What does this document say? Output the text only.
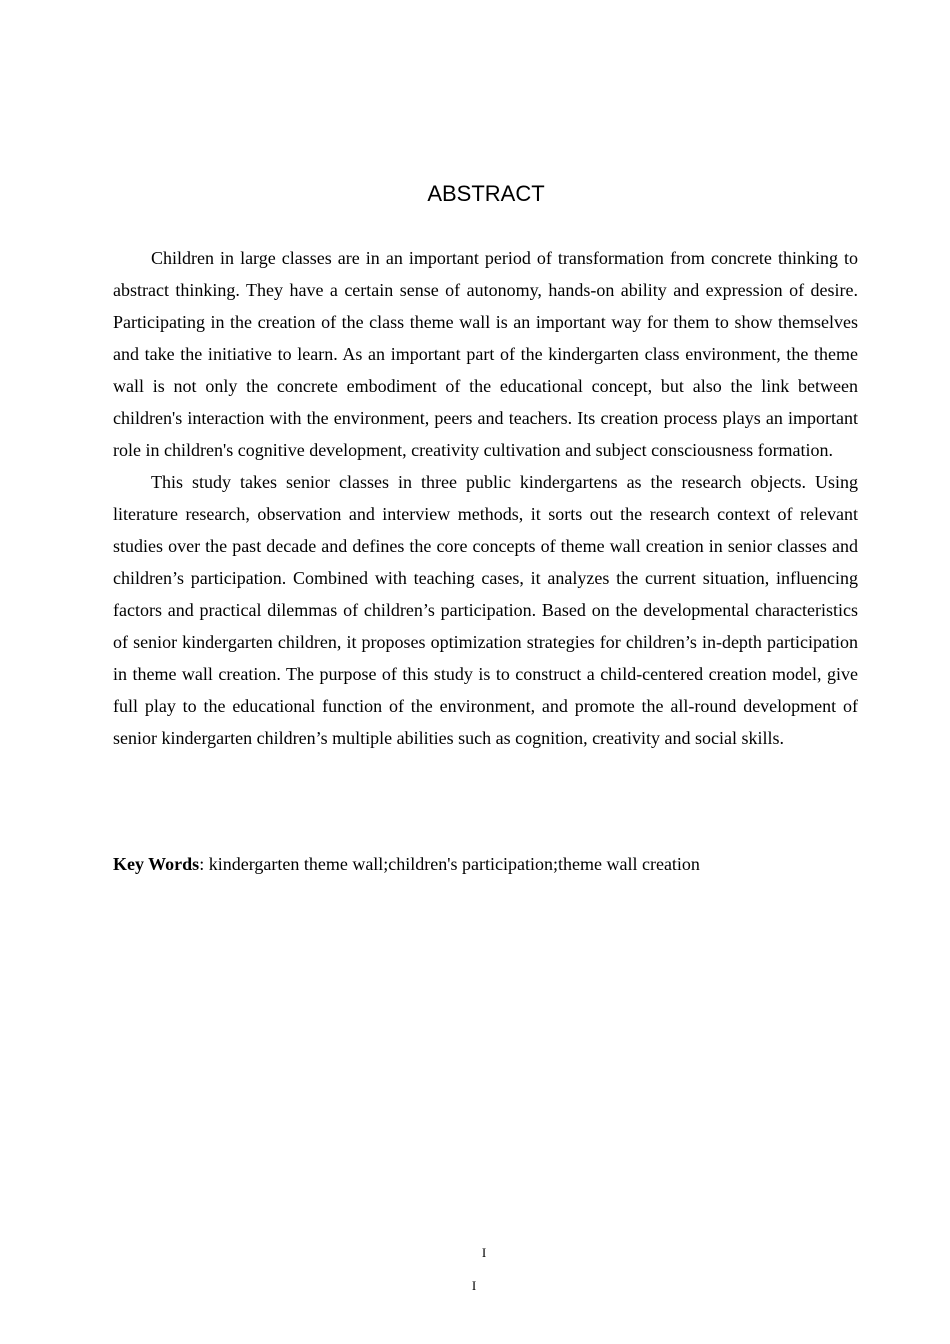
ABSTRACT

Children in large classes are in an important period of transformation from concrete thinking to abstract thinking. They have a certain sense of autonomy, hands-on ability and expression of desire. Participating in the creation of the class theme wall is an important way for them to show themselves and take the initiative to learn. As an important part of the kindergarten class environment, the theme wall is not only the concrete embodiment of the educational concept, but also the link between children's interaction with the environment, peers and teachers. Its creation process plays an important role in children's cognitive development, creativity cultivation and subject consciousness formation.

This study takes senior classes in three public kindergartens as the research objects. Using literature research, observation and interview methods, it sorts out the research context of relevant studies over the past decade and defines the core concepts of theme wall creation in senior classes and children’s participation. Combined with teaching cases, it analyzes the current situation, influencing factors and practical dilemmas of children’s participation. Based on the developmental characteristics of senior kindergarten children, it proposes optimization strategies for children’s in-depth participation in theme wall creation. The purpose of this study is to construct a child-centered creation model, give full play to the educational function of the environment, and promote the all-round development of senior kindergarten children’s multiple abilities such as cognition, creativity and social skills.

Key Words: kindergarten theme wall;children's participation;theme wall creation

I
I
